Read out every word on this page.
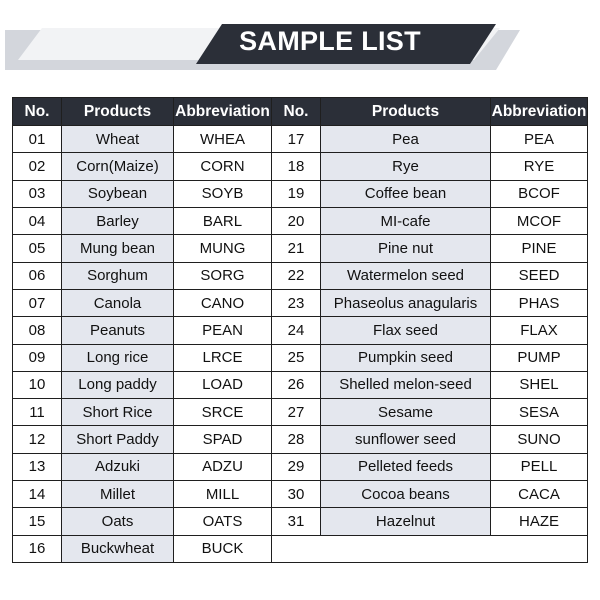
SAMPLE LIST
No.	Products	Abbreviation	No.	Products	Abbreviation
01	Wheat	WHEA	17	Pea	PEA
02	Corn(Maize)	CORN	18	Rye	RYE
03	Soybean	SOYB	19	Coffee bean	BCOF
04	Barley	BARL	20	MI-cafe	MCOF
05	Mung bean	MUNG	21	Pine nut	PINE
06	Sorghum	SORG	22	Watermelon seed	SEED
07	Canola	CANO	23	Phaseolus anagularis	PHAS
08	Peanuts	PEAN	24	Flax seed	FLAX
09	Long rice	LRCE	25	Pumpkin seed	PUMP
10	Long paddy	LOAD	26	Shelled melon-seed	SHEL
11	Short Rice	SRCE	27	Sesame	SESA
12	Short Paddy	SPAD	28	sunflower seed	SUNO
13	Adzuki	ADZU	29	Pelleted feeds	PELL
14	Millet	MILL	30	Cocoa beans	CACA
15	Oats	OATS	31	Hazelnut	HAZE
16	Buckwheat	BUCK			
